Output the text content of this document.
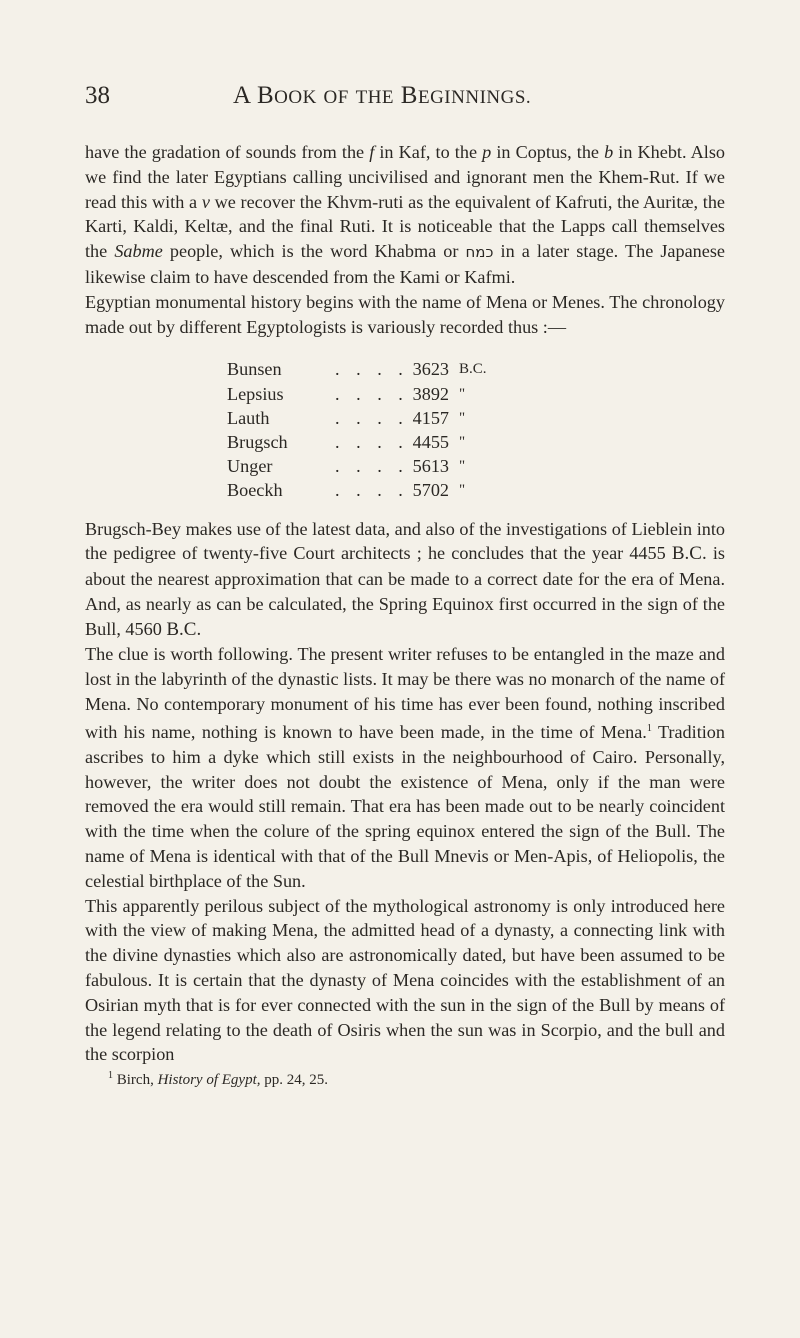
38	A BOOK OF THE BEGINNINGS.

have the gradation of sounds from the f in Kaf, to the p in Coptus, the b in Khebt. Also we find the later Egyptians calling uncivilised and ignorant men the Khem-Rut. If we read this with a v we recover the Khvm-ruti as the equivalent of Kafruti, the Auritæ, the Karti, Kaldi, Keltæ, and the final Ruti. It is noticeable that the Lapps call themselves the Sabme people, which is the word Khabma or כמח in a later stage. The Japanese likewise claim to have descended from the Kami or Kafmi.

Egyptian monumental history begins with the name of Mena or Menes. The chronology made out by different Egyptologists is variously recorded thus :—

Bunsen	. . . . 3623 B.C.
Lepsius	. . . . 3892 "
Lauth	. . . . 4157 "
Brugsch	. . . . 4455 "
Unger	. . . . 5613 "
Boeckh	. . . . 5702 "

Brugsch-Bey makes use of the latest data, and also of the investigations of Lieblein into the pedigree of twenty-five Court architects ; he concludes that the year 4455 B.C. is about the nearest approximation that can be made to a correct date for the era of Mena. And, as nearly as can be calculated, the Spring Equinox first occurred in the sign of the Bull, 4560 B.C.

The clue is worth following. The present writer refuses to be entangled in the maze and lost in the labyrinth of the dynastic lists. It may be there was no monarch of the name of Mena. No contemporary monument of his time has ever been found, nothing inscribed with his name, nothing is known to have been made, in the time of Mena.$^1$ Tradition ascribes to him a dyke which still exists in the neighbourhood of Cairo. Personally, however, the writer does not doubt the existence of Mena, only if the man were removed the era would still remain. That era has been made out to be nearly coincident with the time when the colure of the spring equinox entered the sign of the Bull. The name of Mena is identical with that of the Bull Mnevis or Men-Apis, of Heliopolis, the celestial birthplace of the Sun.

This apparently perilous subject of the mythological astronomy is only introduced here with the view of making Mena, the admitted head of a dynasty, a connecting link with the divine dynasties which also are astronomically dated, but have been assumed to be fabulous. It is certain that the dynasty of Mena coincides with the establishment of an Osirian myth that is for ever connected with the sun in the sign of the Bull by means of the legend relating to the death of Osiris when the sun was in Scorpio, and the bull and the scorpion

$^1$ Birch, History of Egypt, pp. 24, 25.
